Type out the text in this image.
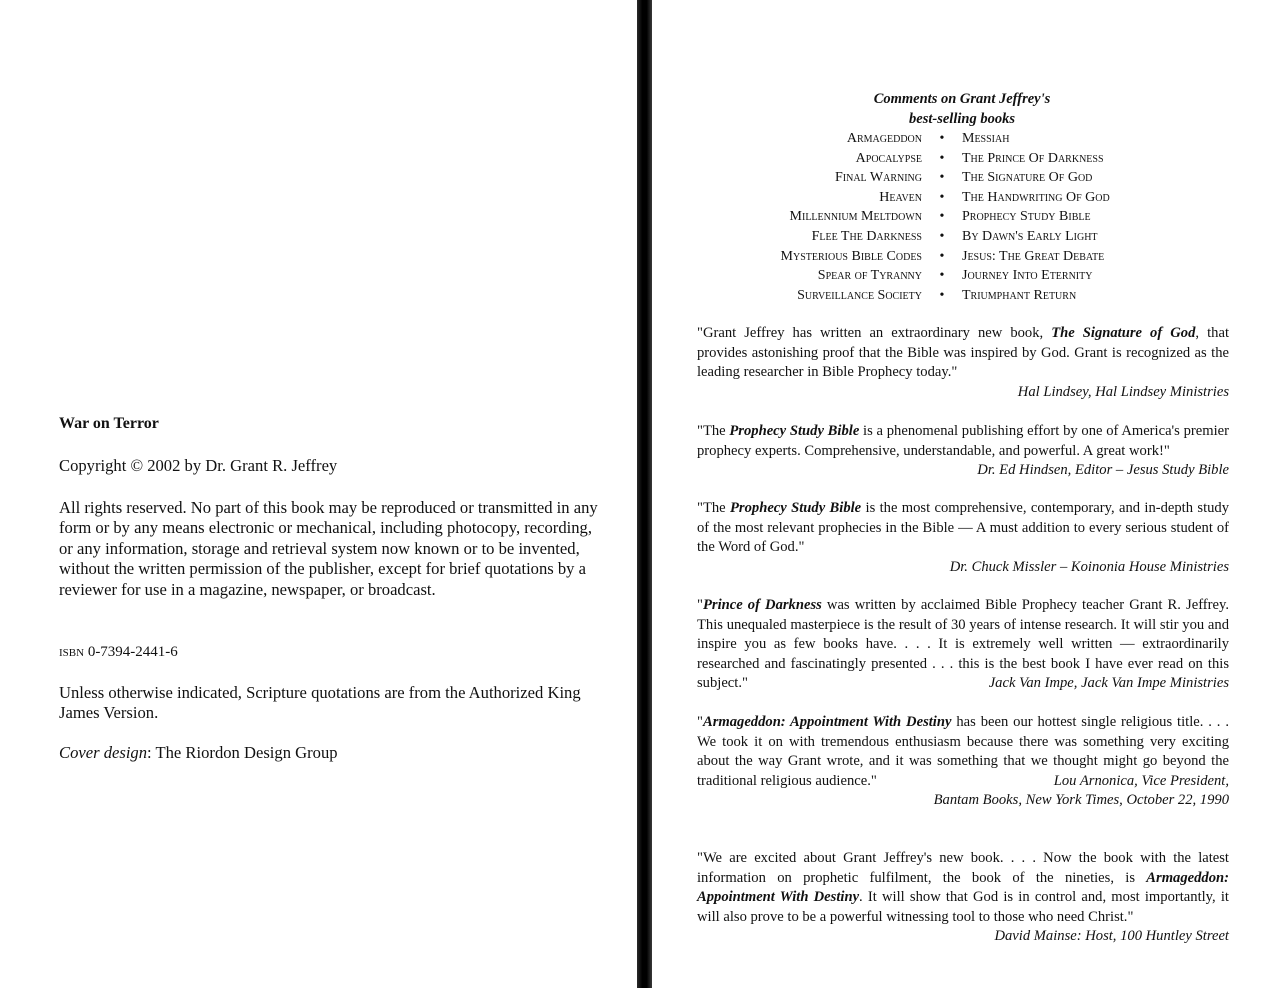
War on Terror
Copyright © 2002 by Dr. Grant R. Jeffrey
All rights reserved. No part of this book may be reproduced or transmitted in any form or by any means electronic or mechanical, including photocopy, recording, or any information, storage and retrieval system now known or to be invented, without the written permission of the publisher, except for brief quotations by a reviewer for use in a magazine, newspaper, or broadcast.
isbn 0-7394-2441-6
Unless otherwise indicated, Scripture quotations are from the Authorized King James Version.
Cover design: The Riordon Design Group
Comments on Grant Jeffrey's
best-selling books
Armageddon • Messiah
Apocalypse • The Prince Of Darkness
Final Warning • The Signature Of God
Heaven • The Handwriting Of God
Millennium Meltdown • Prophecy Study Bible
Flee The Darkness • By Dawn's Early Light
Mysterious Bible Codes • Jesus: The Great Debate
Spear of Tyranny • Journey Into Eternity
Surveillance Society • Triumphant Return
"Grant Jeffrey has written an extraordinary new book, The Signature of God, that provides astonishing proof that the Bible was inspired by God. Grant is recognized as the leading researcher in Bible Prophecy today."
Hal Lindsey, Hal Lindsey Ministries
"The Prophecy Study Bible is a phenomenal publishing effort by one of America's premier prophecy experts. Comprehensive, understandable, and powerful. A great work!"
Dr. Ed Hindsen, Editor – Jesus Study Bible
"The Prophecy Study Bible is the most comprehensive, contemporary, and in-depth study of the most relevant prophecies in the Bible — A must addition to every serious student of the Word of God."
Dr. Chuck Missler – Koinonia House Ministries
"Prince of Darkness was written by acclaimed Bible Prophecy teacher Grant R. Jeffrey. This unequaled masterpiece is the result of 30 years of intense research. It will stir you and inspire you as few books have. . . . It is extremely well written — extraordinarily researched and fascinatingly presented . . . this is the best book I have ever read on this subject."	Jack Van Impe, Jack Van Impe Ministries
"Armageddon: Appointment With Destiny has been our hottest single religious title. . . . We took it on with tremendous enthusiasm because there was something very exciting about the way Grant wrote, and it was something that we thought might go beyond the traditional religious audience."	Lou Arnonica, Vice President,
Bantam Books, New York Times, October 22, 1990
"We are excited about Grant Jeffrey's new book. . . . Now the book with the latest information on prophetic fulfilment, the book of the nineties, is Armageddon: Appointment With Destiny. It will show that God is in control and, most importantly, it will also prove to be a powerful witnessing tool to those who need Christ."
David Mainse: Host, 100 Huntley Street
